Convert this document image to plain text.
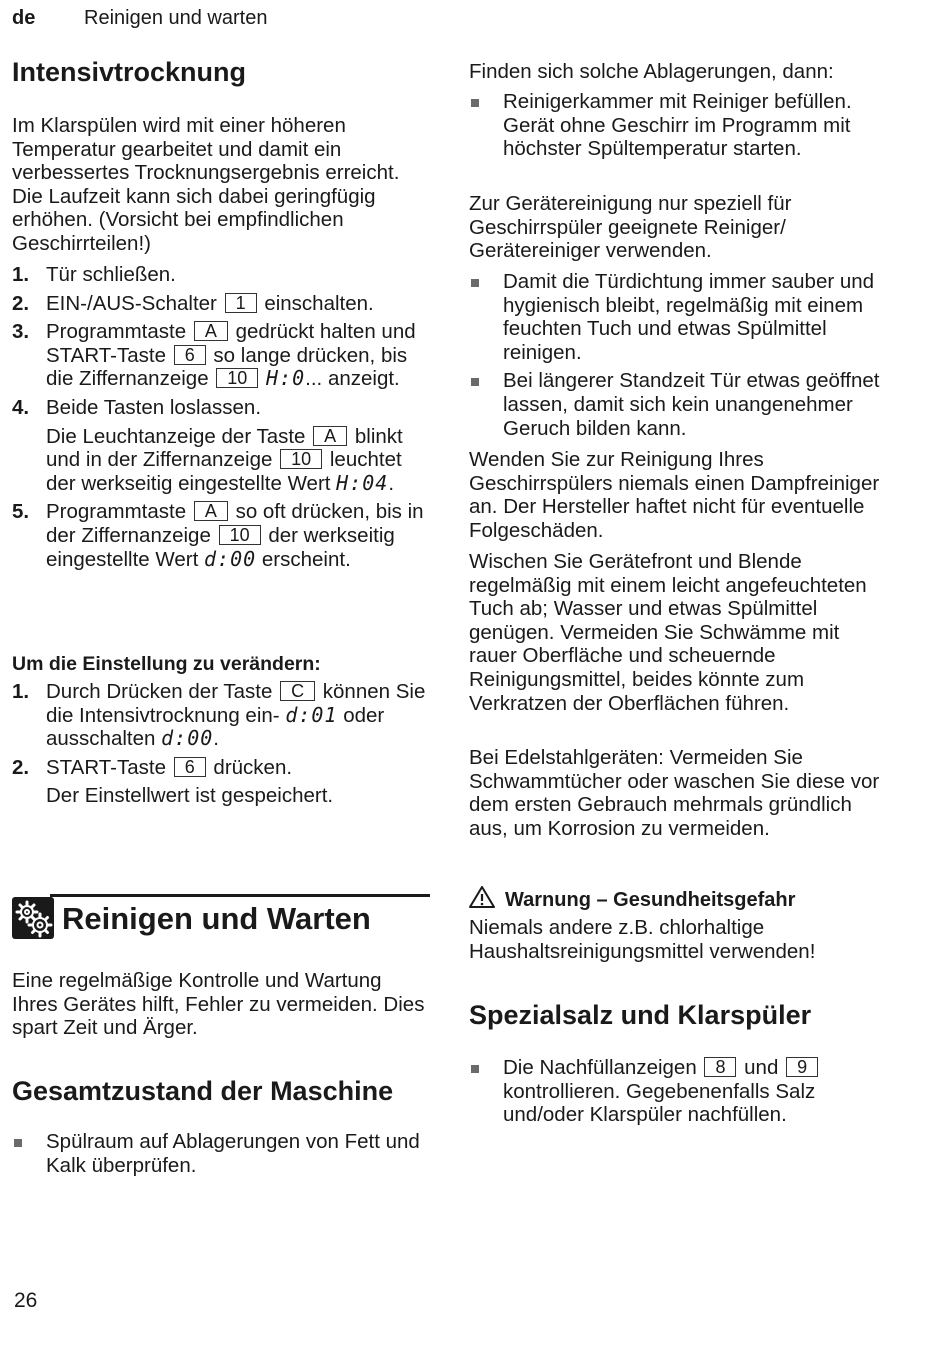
de Reinigen und warten
Intensivtrocknung

Im Klarspülen wird mit einer höheren Temperatur gearbeitet und damit ein verbessertes Trocknungsergebnis erreicht. Die Laufzeit kann sich dabei geringfügig erhöhen. (Vorsicht bei empfindlichen Geschirrteilen!)

1. Tür schließen.
2. EIN-/AUS-Schalter 1 einschalten.
3. Programmtaste A gedrückt halten und START-Taste 6 so lange drücken, bis die Ziffernanzeige 10 H:0... anzeigt.
4. Beide Tasten loslassen.
Die Leuchtanzeige der Taste A blinkt und in der Ziffernanzeige 10 leuchtet der werkseitig eingestellte Wert H:04.
5. Programmtaste A so oft drücken, bis in der Ziffernanzeige 10 der werkseitig eingestellte Wert d:00 erscheint.
Um die Einstellung zu verändern:
1. Durch Drücken der Taste C können Sie die Intensivtrocknung ein- d:01 oder ausschalten d:00.
2. START-Taste 6 drücken.
Der Einstellwert ist gespeichert.
Reinigen und Warten

Eine regelmäßige Kontrolle und Wartung Ihres Gerätes hilft, Fehler zu vermeiden. Dies spart Zeit und Ärger.

Gesamtzustand der Maschine
Spülraum auf Ablagerungen von Fett und Kalk überprüfen.

Finden sich solche Ablagerungen, dann:

Reinigerkammer mit Reiniger befüllen. Gerät ohne Geschirr im Programm mit höchster Spültemperatur starten.

Zur Gerätereinigung nur speziell für Geschirrspüler geeignete Reiniger/ Gerätereiniger verwenden.

Damit die Türdichtung immer sauber und hygienisch bleibt, regelmäßig mit einem feuchten Tuch und etwas Spülmittel reinigen.
Bei längerer Standzeit Tür etwas geöffnet lassen, damit sich kein unangenehmer Geruch bilden kann.

Wenden Sie zur Reinigung Ihres Geschirrspülers niemals einen Dampfreiniger an. Der Hersteller haftet nicht für eventuelle Folgeschäden.

Wischen Sie Gerätefront und Blende regelmäßig mit einem leicht angefeuchteten Tuch ab; Wasser und etwas Spülmittel genügen. Vermeiden Sie Schwämme mit rauer Oberfläche und scheuernde Reinigungsmittel, beides könnte zum Verkratzen der Oberflächen führen.

Bei Edelstahlgeräten: Vermeiden Sie Schwammtücher oder waschen Sie diese vor dem ersten Gebrauch mehrmals gründlich aus, um Korrosion zu vermeiden.

Warnung – Gesundheitsgefahr

Niemals andere z.B. chlorhaltige Haushaltsreinigungsmittel verwenden!

Spezialsalz und Klarspüler
Die Nachfüllanzeigen 8 und 9 kontrollieren. Gegebenenfalls Salz und/oder Klarspüler nachfüllen.
26
